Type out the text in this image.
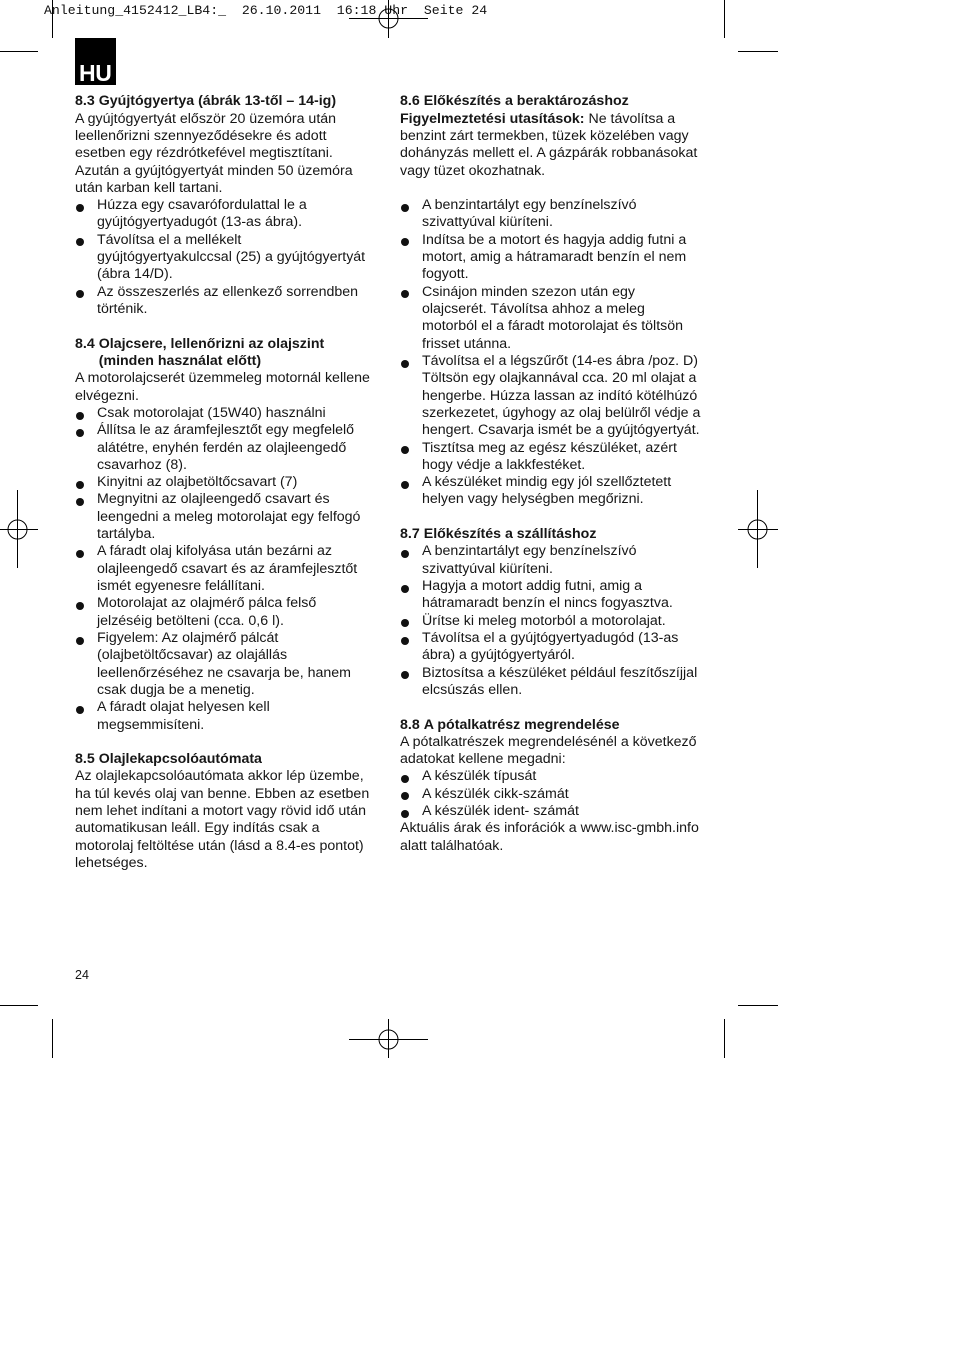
Anleitung_4152412_LB4:_  26.10.2011  16:18 Uhr  Seite 24
HU
8.3 Gyújtógyertya (ábrák 13-től – 14-ig)
A gyújtógyertyát először 20 üzemóra után
leellenőrizni szennyeződésekre és adott
esetben egy rézdrótkefével megtisztítani.
Azután a gyújtógyertyát minden 50 üzemóra
után karban kell tartani.
Húzza egy csavarófordulattal le a
gyújtógyertyadugót (13-as ábra).
Távolítsa el a mellékelt
gyújtógyertyakulccsal (25) a gyújtógyertyát
(ábra 14/D).
Az összeszerlés az ellenkező sorrendben
történik.
8.4 Olajcsere, lellenőrizni az olajszint
(minden használat előtt)
A motorolajcserét üzemmeleg motornál kellene
elvégezni.
Csak motorolajat (15W40) használni
Állítsa le az áramfejlesztőt egy megfelelő
alátétre, enyhén ferdén az olajleengedő
csavarhoz (8).
Kinyitni az olajbetöltőcsavart (7)
Megnyitni az olajleengedő csavart és
leengedni a meleg motorolajat egy felfogó
tartályba.
A fáradt olaj kifolyása után bezárni az
olajleengedő csavart és az áramfejlesztőt
ismét egyenesre felállítani.
Motorolajat az olajmérő pálca felső
jelzéséig betölteni (cca. 0,6 l).
Figyelem: Az olajmérő pálcát
(olajbetöltőcsavar) az olajállás
leellenőrzéséhez ne csavarja be, hanem
csak dugja be a menetig.
A fáradt olajat helyesen kell
megsemmisíteni.
8.5 Olajlekapcsolóautómata
Az olajlekapcsolóautómata akkor lép üzembe,
ha túl kevés olaj van benne. Ebben az esetben
nem lehet indítani a motort vagy rövid idő után
automatikusan leáll. Egy indítás csak a
motorolaj feltöltése után (lásd a 8.4-es pontot)
lehetséges.
8.6 Előkészítés a beraktározáshoz
Figyelmeztetési utasítások: Ne távolítsa a
benzint zárt termekben, tüzek közelében vagy
dohányzás mellett el. A gázpárák robbanásokat
vagy tüzet okozhatnak.
A benzintartályt egy benzínelszívó
szivattyúval kiüríteni.
Indítsa be a motort és hagyja addig futni a
motort, amig a hátramaradt benzín el nem
fogyott.
Csinájon minden szezon után egy
olajcserét. Távolítsa ahhoz a meleg
motorból el a fáradt motorolajat és töltsön
frisset utánna.
Távolítsa el a légszűrőt (14-es ábra /poz. D)
Töltsön egy olajkannával cca. 20 ml olajat a
hengerbe. Húzza lassan az indító kötélhúzó
szerkezetet, úgyhogy az olaj belülről védje a
hengert. Csavarja ismét be a gyújtógyertyát.
Tisztítsa meg az egész készüléket, azért
hogy védje a lakkfestéket.
A készüléket mindig egy jól szellőztetett
helyen vagy helységben megőrizni.
8.7 Előkészítés a szállításhoz
A benzintartályt egy benzínelszívó
szivattyúval kiüríteni.
Hagyja a motort addig futni, amig a
hátramaradt benzín el nincs fogyasztva.
Ürítse ki meleg motorból a motorolajat.
Távolítsa el a gyújtógyertyadugód (13-as
ábra) a gyújtógyertyáról.
Biztosítsa a készüléket például feszítőszíjjal
elcsúszás ellen.
8.8 A pótalkatrész megrendelése
A pótalkatrészek megrendelésénél a következő
adatokat kellene megadni:
A készülék típusát
A készülék cikk-számát
A készülék ident- számát
Aktuális árak és inforációk a www.isc-gmbh.info
alatt találhatóak.
24
